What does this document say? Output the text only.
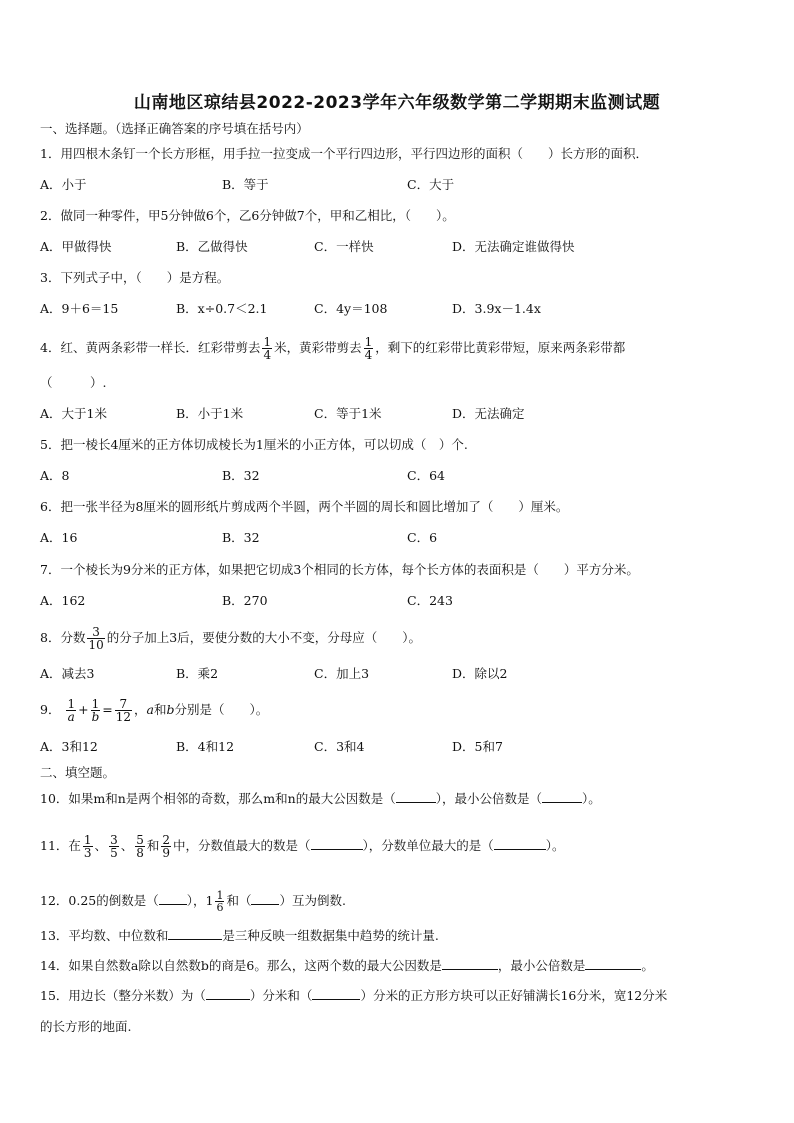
山南地区琼结县2022-2023学年六年级数学第二学期期末监测试题
一、选择题。（选择正确答案的序号填在括号内）
1．用四根木条钉一个长方形框，用手拉一拉变成一个平行四边形，平行四边形的面积（　　）长方形的面积．
A．小于	B．等于	C．大于
2．做同一种零件，甲5分钟做6个，乙6分钟做7个，甲和乙相比，（　　）。
A．甲做得快	B．乙做得快	C．一样快	D．无法确定谁做得快
3．下列式子中，（　　）是方程。
A．9＋6＝15	B．x÷0.7＜2.1	C．4y＝108	D．3.9x－1.4x
4．红、黄两条彩带一样长．红彩带剪去 $\frac{1}{4}$ 米，黄彩带剪去 $\frac{1}{4}$ ，剩下的红彩带比黄彩带短，原来两条彩带都
（　　　）.
A．大于1米	B．小于1米	C．等于1米	D．无法确定
5．把一棱长4厘米的正方体切成棱长为1厘米的小正方体，可以切成（　）个.
A．8	B．32	C．64
6．把一张半径为8厘米的圆形纸片剪成两个半圆，两个半圆的周长和圆比增加了（　　）厘米。
A．16	B．32	C．6
7．一个棱长为9分米的正方体，如果把它切成3个相同的长方体，每个长方体的表面积是（　　）平方分米。
A．162	B．270	C．243
8．分数 $\frac{3}{10}$ 的分子加上3后，要使分数的大小不变，分母应（　　）。
A．减去3	B．乘2	C．加上3	D．除以2
9． $\frac{1}{a} + \frac{1}{b} = \frac{7}{12}$ ，a和b分别是（　　）。
A．3和12	B．4和12	C．3和4	D．5和7
二、填空题。
10．如果m和n是两个相邻的奇数，那么m和n的最大公因数是（	），最小公倍数是（	）。
11．在 $\frac{1}{3}$ 、 $\frac{3}{5}$ 、 $\frac{5}{8}$ 和 $\frac{2}{9}$ 中，分数值最大的数是（	），分数单位最大的是（	）。
12．0.25的倒数是（ ），$1 \frac{1}{6}$ 和（ ）互为倒数.
13．平均数、中位数和	是三种反映一组数据集中趋势的统计量.
14．如果自然数a除以自然数b的商是6。那么，这两个数的最大公因数是	，最小公倍数是	。
15．用边长（整分米数）为（	）分米和（	）分米的正方形方块可以正好铺满长16分米，宽12分米
的长方形的地面.
